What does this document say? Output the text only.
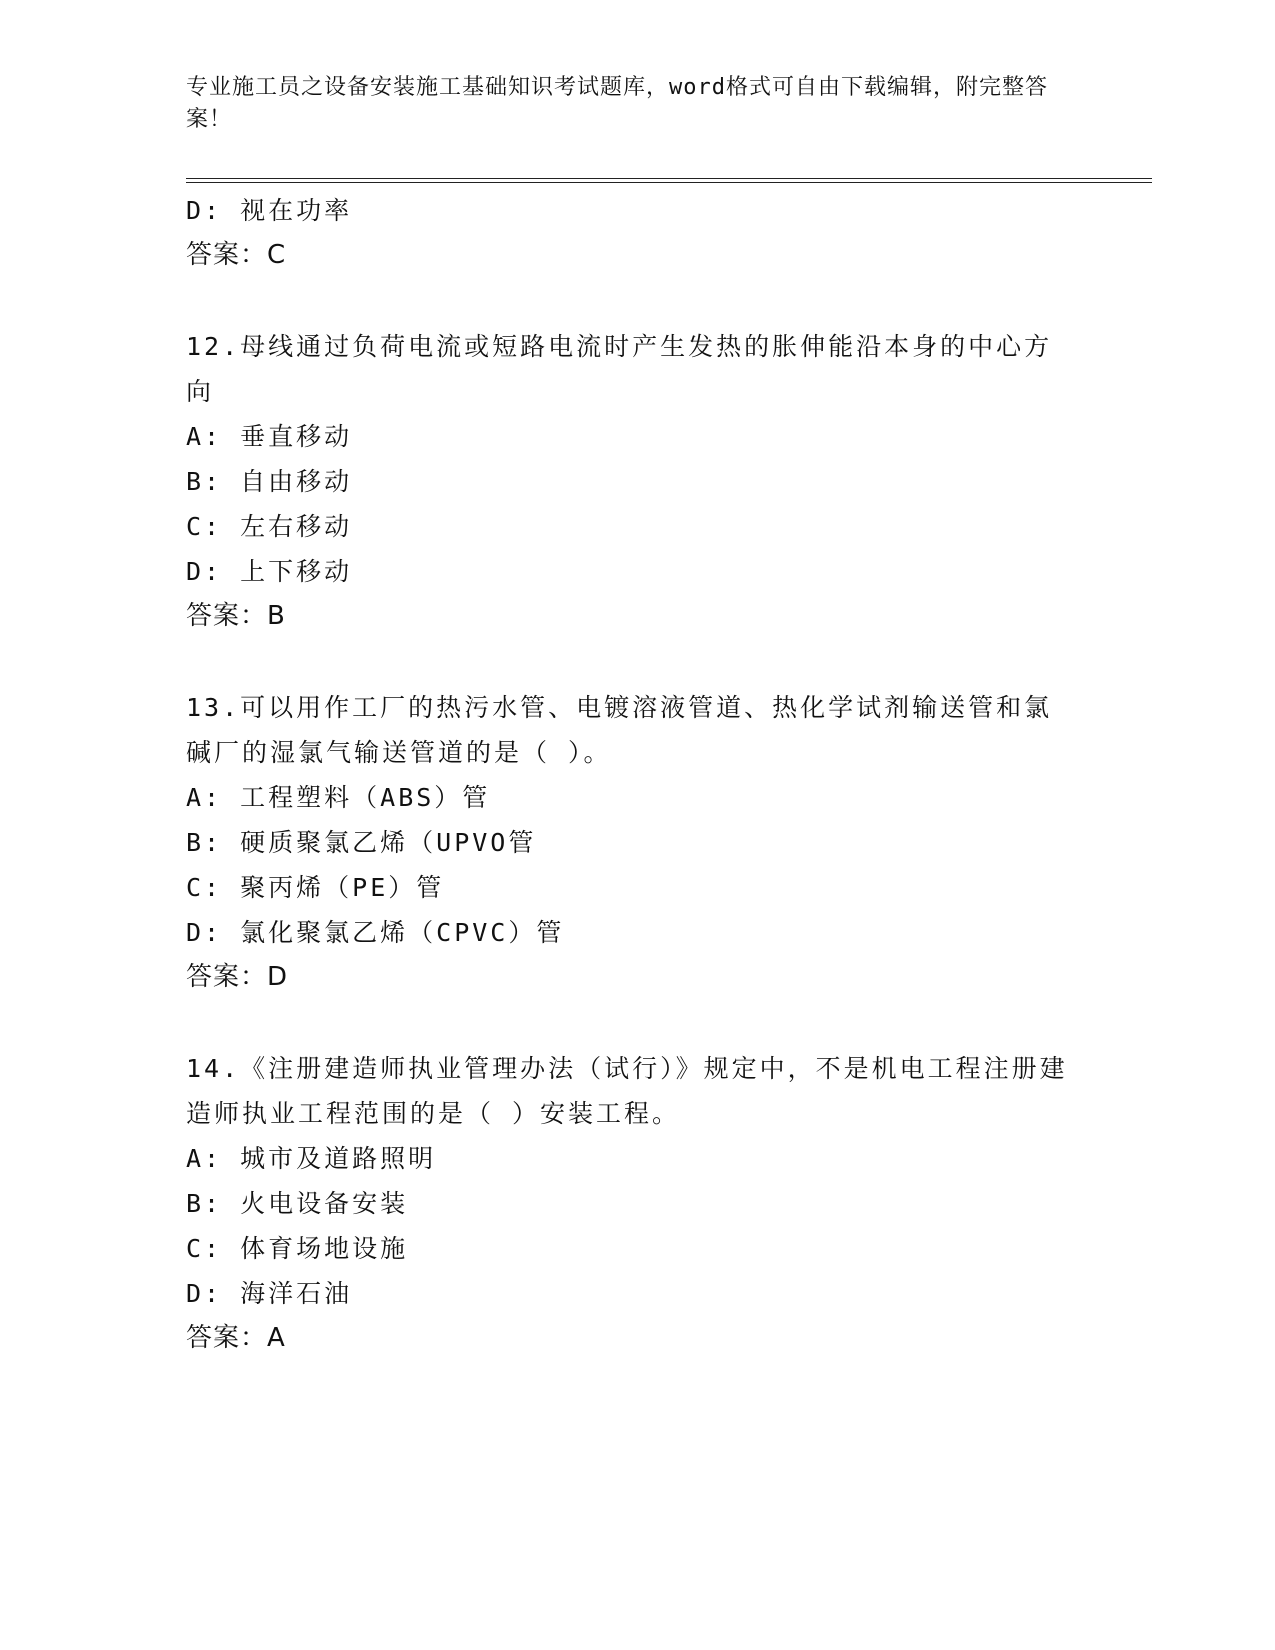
专业施工员之设备安装施工基础知识考试题库，word格式可自由下载编辑，附完整答案！
D: 视在功率
答案：C
12.母线通过负荷电流或短路电流时产生发热的胀伸能沿本身的中心方向
A: 垂直移动
B: 自由移动
C: 左右移动
D: 上下移动
答案：B
13.可以用作工厂的热污水管、电镀溶液管道、热化学试剂输送管和氯碱厂的湿氯气输送管道的是（ ）。
A: 工程塑料（ABS）管
B: 硬质聚氯乙烯（UPVO管
C: 聚丙烯（PE）管
D: 氯化聚氯乙烯（CPVC）管
答案：D
14.《注册建造师执业管理办法（试行）》规定中，不是机电工程注册建造师执业工程范围的是（ ）安装工程。
A: 城市及道路照明
B: 火电设备安装
C: 体育场地设施
D: 海洋石油
答案：A
